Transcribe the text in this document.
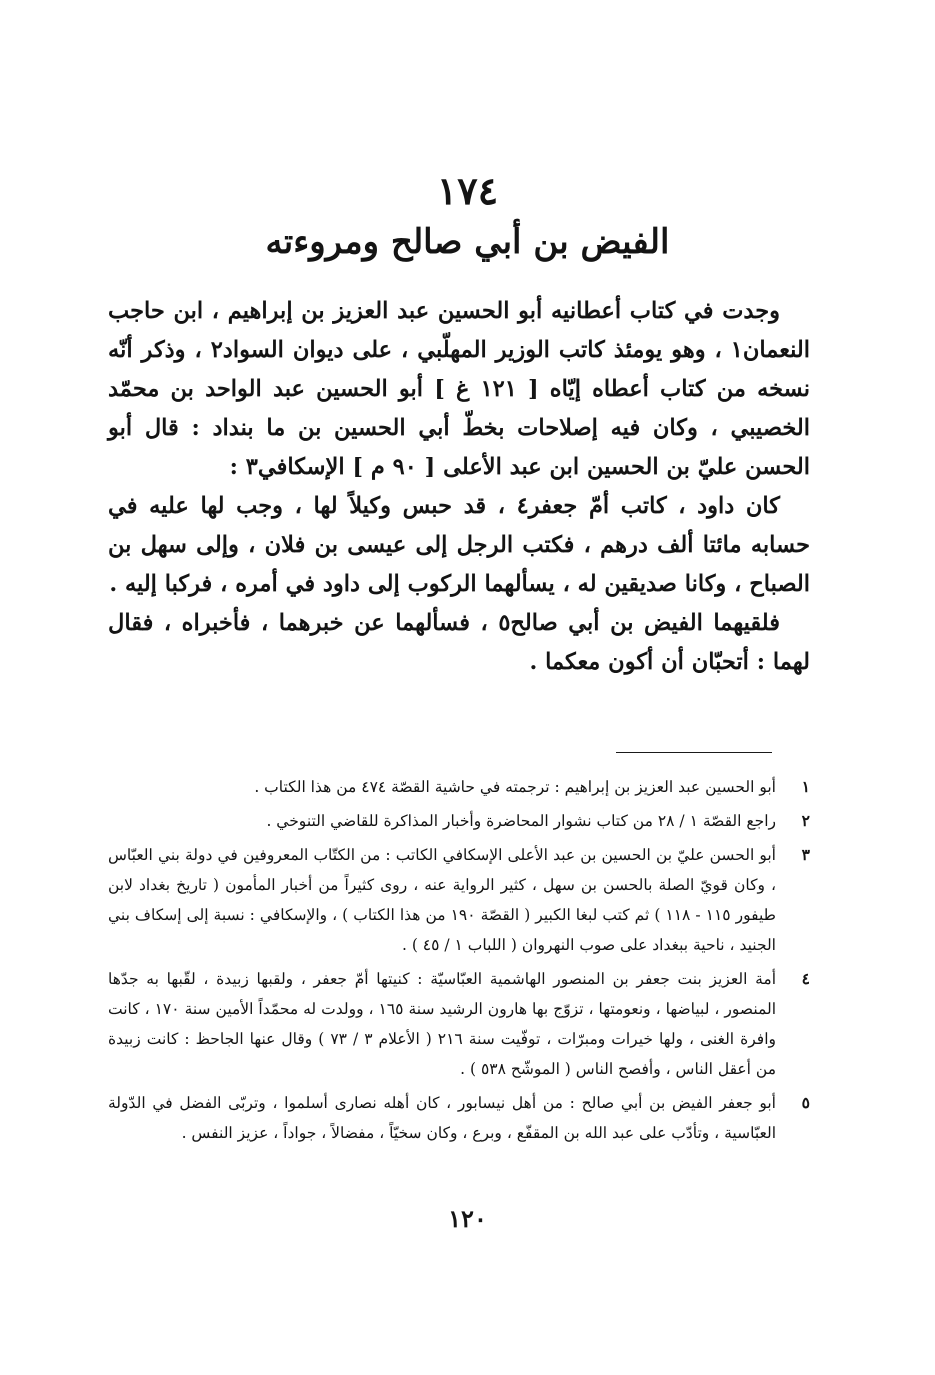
١٧٤
الفيض بن أبي صالح ومروءته

وجدت في كتاب أعطانيه أبو الحسين عبد العزيز بن إبراهيم ، ابن حاجب النعمان١ ، وهو يومئذ كاتب الوزير المهلّبي ، على ديوان السواد٢ ، وذكر أنّه نسخه من كتاب أعطاه إيّاه [ ١٢١ غ ] أبو الحسين عبد الواحد بن محمّد الخصيبي ، وكان فيه إصلاحات بخطّ أبي الحسين بن ما بنداد : قال أبو الحسن عليّ بن الحسين ابن عبد الأعلى [ ٩٠ م ] الإسكافي٣ :

كان داود ، كاتب أمّ جعفر٤ ، قد حبس وكيلاً لها ، وجب لها عليه في حسابه مائتا ألف درهم ، فكتب الرجل إلى عيسى بن فلان ، وإلى سهل بن الصباح ، وكانا صديقين له ، يسألهما الركوب إلى داود في أمره ، فركبا إليه .

فلقيهما الفيض بن أبي صالح٥ ، فسألهما عن خبرهما ، فأخبراه ، فقال لهما : أتحبّان أن أكون معكما .

١
أبو الحسين عبد العزيز بن إبراهيم : ترجمته في حاشية القصّة ٤٧٤ من هذا الكتاب .
٢
راجع القصّة ١ / ٢٨ من كتاب نشوار المحاضرة وأخبار المذاكرة للقاضي التنوخي .
٣
أبو الحسن عليّ بن الحسين بن عبد الأعلى الإسكافي الكاتب : من الكتّاب المعروفين في دولة بني العبّاس ، وكان قويّ الصلة بالحسن بن سهل ، كثير الرواية عنه ، روى كثيراً من أخبار المأمون ( تاريخ بغداد لابن طيفور ١١٥ - ١١٨ ) ثم كتب لبغا الكبير ( القصّة ١٩٠ من هذا الكتاب ) ، والإسكافي : نسبة إلى إسكاف بني الجنيد ، ناحية ببغداد على صوب النهروان ( اللباب ١ / ٤٥ ) .
٤
أمة العزيز بنت جعفر بن المنصور الهاشمية العبّاسيّة : كنيتها أمّ جعفر ، ولقبها زبيدة ، لقّبها به جدّها المنصور ، لبياضها ، ونعومتها ، تزوّج بها هارون الرشيد سنة ١٦٥ ، وولدت له محمّداً الأمين سنة ١٧٠ ، كانت وافرة الغنى ، ولها خيرات ومبرّات ، توفّيت سنة ٢١٦ ( الأعلام ٣ / ٧٣ ) وقال عنها الجاحظ : كانت زبيدة من أعقل الناس ، وأفصح الناس ( الموشّح ٥٣٨ ) .
٥
أبو جعفر الفيض بن أبي صالح : من أهل نيسابور ، كان أهله نصارى أسلموا ، وتربّى الفضل في الدّولة العبّاسية ، وتأدّب على عبد الله بن المقفّع ، وبرع ، وكان سخيّاً ، مفضالاً ، جواداً ، عزيز النفس .
١٢٠
